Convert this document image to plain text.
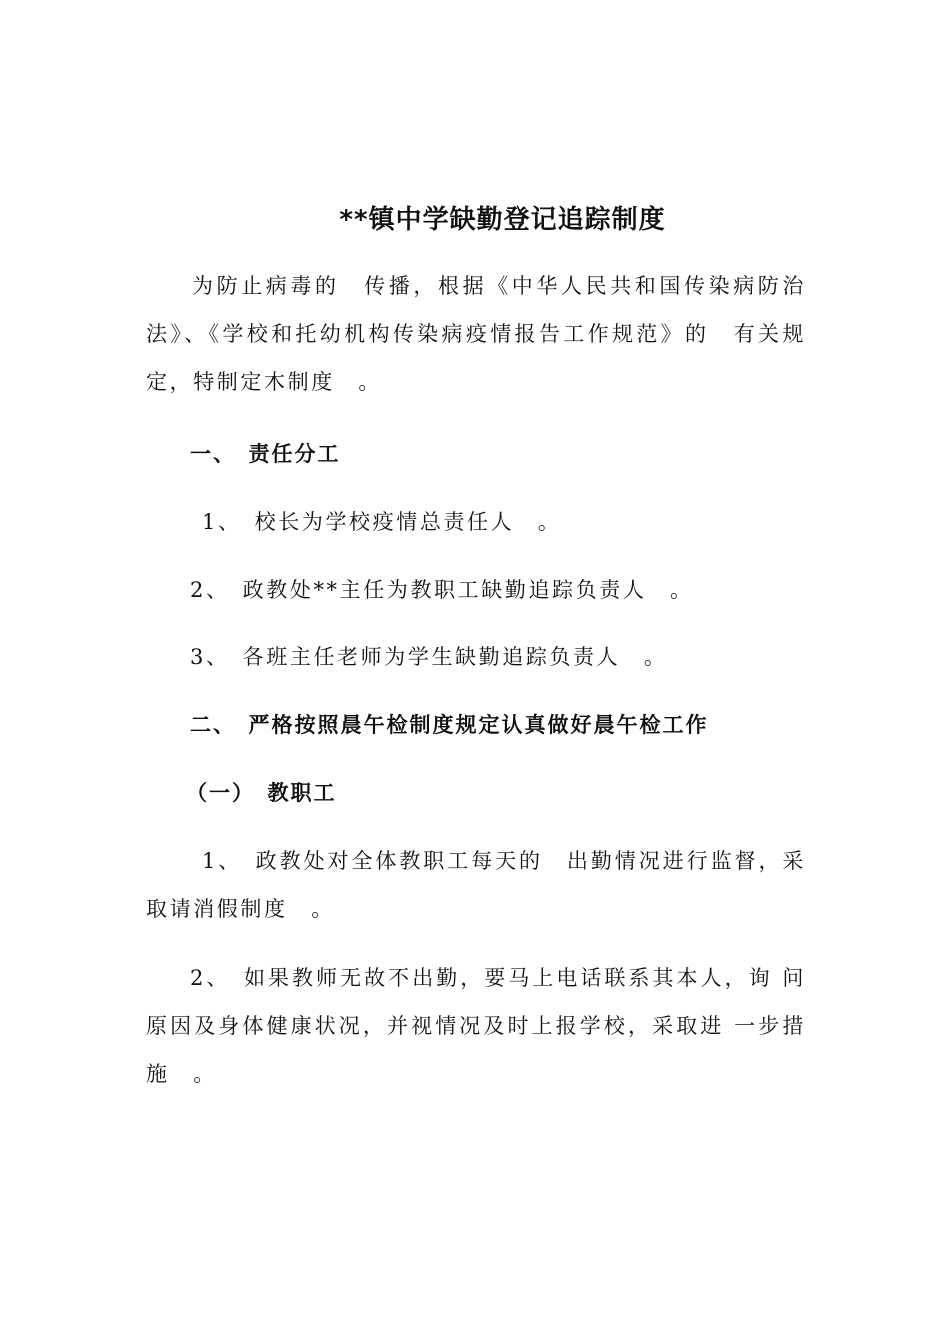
**镇中学缺勤登记追踪制度
为防止病毒的　传播，根据《中华人民共和国传染病防治法》、《学校和托幼机构传染病疫情报告工作规范》的　有关规定，特制定木制度　。
一、　责任分工
1、　校长为学校疫情总责任人　。
2、　政教处**主任为教职工缺勤追踪负责人　。
3、　各班主任老师为学生缺勤追踪负责人　。
二、　严格按照晨午检制度规定认真做好晨午检工作
（一）　教职工
1、　政教处对全体教职工每天的　出勤情况进行监督，采取请消假制度　。
2、　如果教师无故不出勤，要马上电话联系其本人，询 问原因及身体健康状况，并视情况及时上报学校，采取进 一步措施　。
